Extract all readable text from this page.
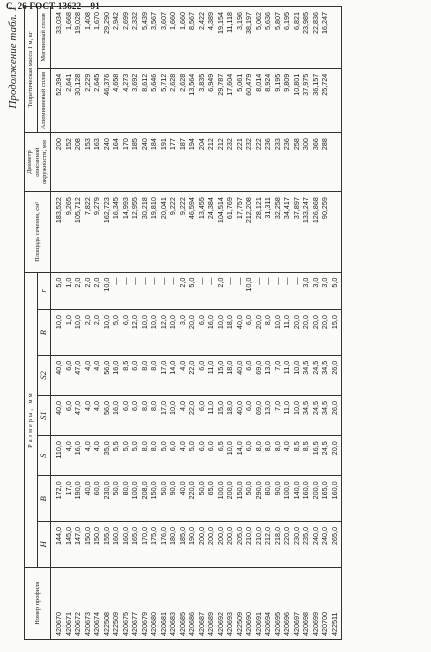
С. 26 ГОСТ 13622—91
Продолжение табл. 1
Номер профиля	Размеры, мм							Площадь сечения, см²	Диаметр описанной окружности, мм	Теоретическая масса 1 м, кг	
	H	B	S	S1	S2	R	r			Алюминиевый сплав	Магниевый сплав
420670	144,0	172,0	110,0	40,0	40,0	10,0	5,0	183,522	200	52,394	33,034
420671	145,0	17,0	4,0	6,0	6,0	1,0	1,0	9,265	152	2,641	1,668
420672	147,0	190,0	16,0	47,0	47,0	10,0	2,0	105,712	208	30,128	19,028
420673	150,0	40,0	4,0	4,0	4,0	2,0	2,0	7,822	153	2,229	1,408
420674	150,0	60,0	4,0	4,0	4,0	2,0	2,0	9,279	163	2,645	1,670
422508	155,0	230,0	35,0	56,0	56,0	10,0	10,0	162,723	240	46,376	29,290
422509	160,0	50,0	5,5	16,0	16,0	5,0	—	16,345	164	4,658	2,942
420675	160,0	80,0	5,0	6,0	8,5	6,0	—	14,993	170	4,273	2,699
420677	165,0	100,0	5,0	6,0	6,0	12,0	—	12,955	185	3,692	2,332
420679	170,0	208,0	8,0	8,0	8,0	10,0	—	30,218	240	8,612	5,439
420680	175,0	150,0	8,0	8,0	8,0	10,0	—	19,810	184	5,646	3,567
420681	176,0	50,0	5,0	17,0	17,0	12,0	—	20,041	191	5,712	3,607
420683	180,0	90,0	6,0	10,0	14,0	10,0	—	9,222	177	2,628	1,660
420685	185,0	40,0	4,0	4,0	4,0	3,0	2,0	9,222	187	2,628	1,660
420686	190,0	220,0	5,0	22,0	22,0	20,0	5,0	46,594	194	13,564	8,567
420687	200,0	50,0	6,0	6,0	6,0	6,0	—	13,455	204	3,835	2,422
420689	200,0	65,0	6,0	11,0	11,0	16,0	—	24,384	212	6,949	4,389
420692	200,0	100,0	6,5	15,0	15,0	10,0	2,0	104,514	212	29,787	19,154
420693	200,0	200,0	10,0	18,0	18,0	18,0	—	61,769	232	17,604	11,118
422509	205,0	150,0	14,0	40,0	40,0	40,0	—	17,757	221	5,061	3,196
420690	210,0	50,0	6,0	6,0	6,0	6,0	10,0	212,208	232	60,479	38,197
420691	210,0	290,0	8,0	69,0	69,0	20,0	—	28,121	222	8,014	5,062
420694	212,0	80,0	8,0	13,0	13,0	8,0	—	31,311	236	8,924	5,636
420695	218,0	90,0	8,0	7,0	7,0	10,0	—	32,258	233	9,195	5,807
420696	220,0	100,0	4,0	11,0	11,0	11,0	—	34,417	236	9,809	6,195
420697	230,0	140,0	8,5	10,0	10,0	20,0	—	37,897	258	10,801	6,821
420698	235,0	160,0	8,5	34,5	34,5	20,0	3,0	133,247	300	37,975	23,985
420699	240,0	200,0	16,5	24,5	24,5	20,0	3,0	126,868	366	36,157	22,836
420700	240,0	165,0	24,5	34,5	34,5	20,0	3,0	90,259	288	25,724	16,247
422511	265,0	160,0	20,0	26,0	26,0	15,0	5,0				
